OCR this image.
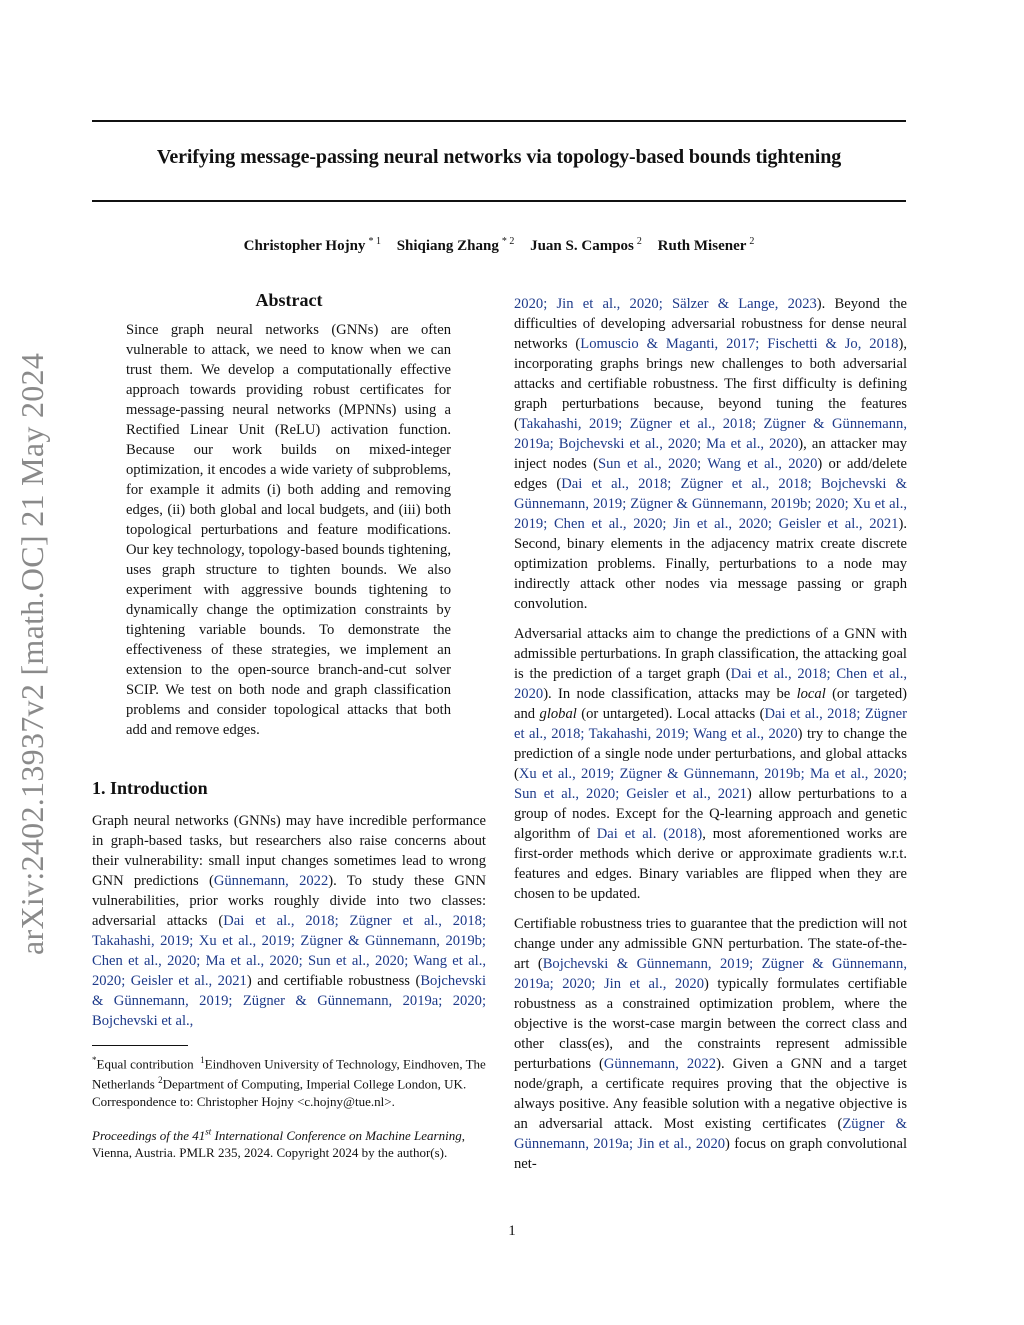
Verifying message-passing neural networks via topology-based bounds tightening
Christopher Hojny $^{* 1}$ Shiqiang Zhang $^{* 2}$ Juan S. Campos $^2$ Ruth Misener $^2$
arXiv:2402.13937v2 [math.OC] 21 May 2024
Abstract

Since graph neural networks (GNNs) are often vulnerable to attack, we need to know when we can trust them. We develop a computationally effective approach towards providing robust certificates for message-passing neural networks (MPNNs) using a Rectified Linear Unit (ReLU) activation function. Because our work builds on mixed-integer optimization, it encodes a wide variety of subproblems, for example it admits (i) both adding and removing edges, (ii) both global and local budgets, and (iii) both topological perturbations and feature modifications. Our key technology, topology-based bounds tightening, uses graph structure to tighten bounds. We also experiment with aggressive bounds tightening to dynamically change the optimization constraints by tightening variable bounds. To demonstrate the effectiveness of these strategies, we implement an extension to the open-source branch-and-cut solver SCIP. We test on both node and graph classification problems and consider topological attacks that both add and remove edges.

1. Introduction

Graph neural networks (GNNs) may have incredible performance in graph-based tasks, but researchers also raise concerns about their vulnerability: small input changes sometimes lead to wrong GNN predictions (Günnemann, 2022). To study these GNN vulnerabilities, prior works roughly divide into two classes: adversarial attacks (Dai et al., 2018; Zügner et al., 2018; Takahashi, 2019; Xu et al., 2019; Zügner & Günnemann, 2019b; Chen et al., 2020; Ma et al., 2020; Sun et al., 2020; Wang et al., 2020; Geisler et al., 2021) and certifiable robustness (Bojchevski & Günnemann, 2019; Zügner & Günnemann, 2019a; 2020; Bojchevski et al.,

*Equal contribution $^1$Eindhoven University of Technology, Eindhoven, The Netherlands $^2$Department of Computing, Imperial College London, UK. Correspondence to: Christopher Hojny <c.hojny@tue.nl>.

Proceedings of the 41st International Conference on Machine Learning, Vienna, Austria. PMLR 235, 2024. Copyright 2024 by the author(s).

2020; Jin et al., 2020; Sälzer & Lange, 2023). Beyond the difficulties of developing adversarial robustness for dense neural networks (Lomuscio & Maganti, 2017; Fischetti & Jo, 2018), incorporating graphs brings new challenges to both adversarial attacks and certifiable robustness. The first difficulty is defining graph perturbations because, beyond tuning the features (Takahashi, 2019; Zügner et al., 2018; Zügner & Günnemann, 2019a; Bojchevski et al., 2020; Ma et al., 2020), an attacker may inject nodes (Sun et al., 2020; Wang et al., 2020) or add/delete edges (Dai et al., 2018; Zügner et al., 2018; Bojchevski & Günnemann, 2019; Zügner & Günnemann, 2019b; 2020; Xu et al., 2019; Chen et al., 2020; Jin et al., 2020; Geisler et al., 2021). Second, binary elements in the adjacency matrix create discrete optimization problems. Finally, perturbations to a node may indirectly attack other nodes via message passing or graph convolution.

Adversarial attacks aim to change the predictions of a GNN with admissible perturbations. In graph classification, the attacking goal is the prediction of a target graph (Dai et al., 2018; Chen et al., 2020). In node classification, attacks may be local (or targeted) and global (or untargeted). Local attacks (Dai et al., 2018; Zügner et al., 2018; Takahashi, 2019; Wang et al., 2020) try to change the prediction of a single node under perturbations, and global attacks (Xu et al., 2019; Zügner & Günnemann, 2019b; Ma et al., 2020; Sun et al., 2020; Geisler et al., 2021) allow perturbations to a group of nodes. Except for the Q-learning approach and genetic algorithm of Dai et al. (2018), most aforementioned works are first-order methods which derive or approximate gradients w.r.t. features and edges. Binary variables are flipped when they are chosen to be updated.

Certifiable robustness tries to guarantee that the prediction will not change under any admissible GNN perturbation. The state-of-the-art (Bojchevski & Günnemann, 2019; Zügner & Günnemann, 2019a; 2020; Jin et al., 2020) typically formulates certifiable robustness as a constrained optimization problem, where the objective is the worst-case margin between the correct class and other class(es), and the constraints represent admissible perturbations (Günnemann, 2022). Given a GNN and a target node/graph, a certificate requires proving that the objective is always positive. Any feasible solution with a negative objective is an adversarial attack. Most existing certificates (Zügner & Günnemann, 2019a; Jin et al., 2020) focus on graph convolutional net-

1
